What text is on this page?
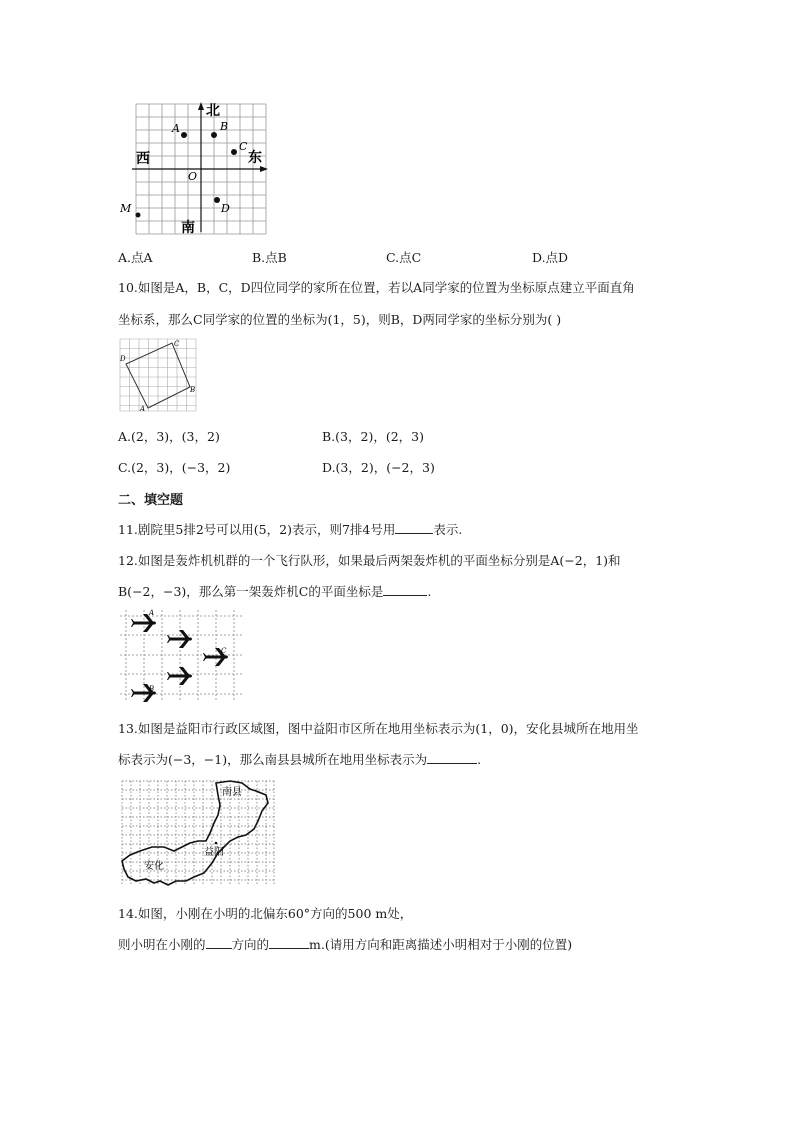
北
南
东
西
A	B
C
D
O
M
A.点A	B.点B	C.点C	D.点D
10.如图是A，B，C，D四位同学的家所在位置，若以A同学家的位置为坐标原点建立平面直角
坐标系，那么C同学家的位置的坐标为(1，5)，则B，D两同学家的坐标分别为( )
A
B
C
D
A.(2，3)，(3，2)	B.(3，2)，(2，3)
C.(2，3)，(−3，2)	D.(3，2)，(−2，3)
二、填空题
11.剧院里5排2号可以用(5，2)表示，则7排4号用	表示.
12.如图是轰炸机机群的一个飞行队形，如果最后两架轰炸机的平面坐标分别是A(−2，1)和
B(−2，−3)，那么第一架轰炸机C的平面坐标是	.
A
B
C
13.如图是益阳市行政区域图，图中益阳市区所在地用坐标表示为(1，0)，安化县城所在地用坐
标表示为(−3，−1)，那么南县县城所在地用坐标表示为	.
南县
益阳
安化
14.如图，小刚在小明的北偏东60°方向的500 m处，
则小明在小刚的 方向的	m.(请用方向和距离描述小明相对于小刚的位置)
